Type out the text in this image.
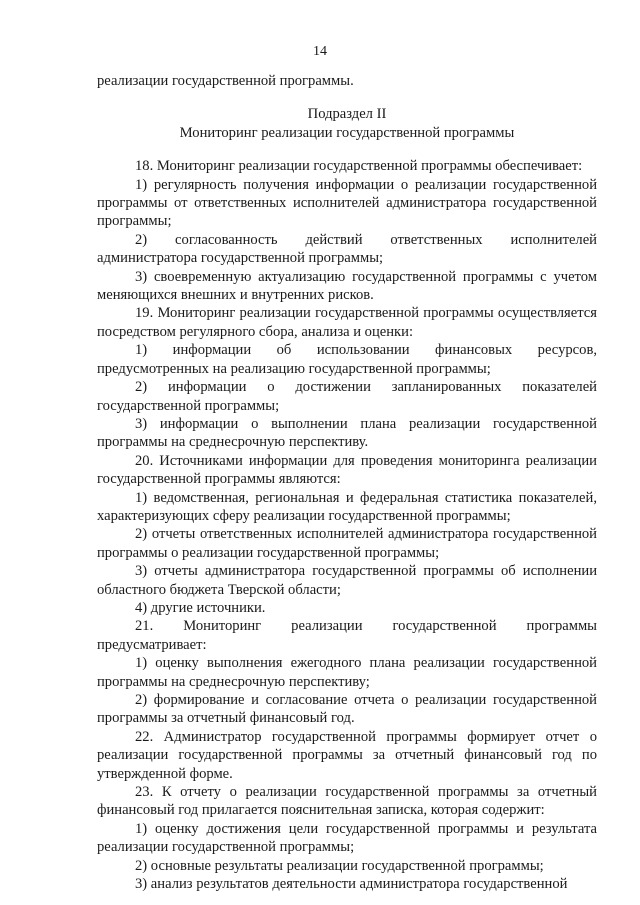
14

реализации государственной программы.

Подраздел II

Мониторинг реализации государственной программы

18. Мониторинг реализации государственной программы обеспечивает:

1) регулярность получения информации о реализации государственной программы от ответственных исполнителей администратора государственной программы;

2) согласованность действий ответственных исполнителей администратора государственной программы;

3) своевременную актуализацию государственной программы с учетом меняющихся внешних и внутренних рисков.

19. Мониторинг реализации государственной программы осуществляется посредством регулярного сбора, анализа и оценки:

1) информации об использовании финансовых ресурсов, предусмотренных на реализацию государственной программы;

2) информации о достижении запланированных показателей государственной программы;

3) информации о выполнении плана реализации государственной программы на среднесрочную перспективу.

20. Источниками информации для проведения мониторинга реализации государственной программы являются:

1) ведомственная, региональная и федеральная статистика показателей, характеризующих сферу реализации государственной программы;

2) отчеты ответственных исполнителей администратора государственной программы о реализации государственной программы;

3) отчеты администратора государственной программы об исполнении областного бюджета Тверской области;

4) другие источники.

21. Мониторинг реализации государственной программы предусматривает:

1) оценку выполнения ежегодного плана реализации государственной программы на среднесрочную перспективу;

2) формирование и согласование отчета о реализации государственной программы за отчетный финансовый год.

22. Администратор государственной программы формирует отчет о реализации государственной программы за отчетный финансовый год по утвержденной форме.

23. К отчету о реализации государственной программы за отчетный финансовый год прилагается пояснительная записка, которая содержит:

1) оценку достижения цели государственной программы и результата реализации государственной программы;

2) основные результаты реализации государственной программы;

3) анализ результатов деятельности администратора государственной
